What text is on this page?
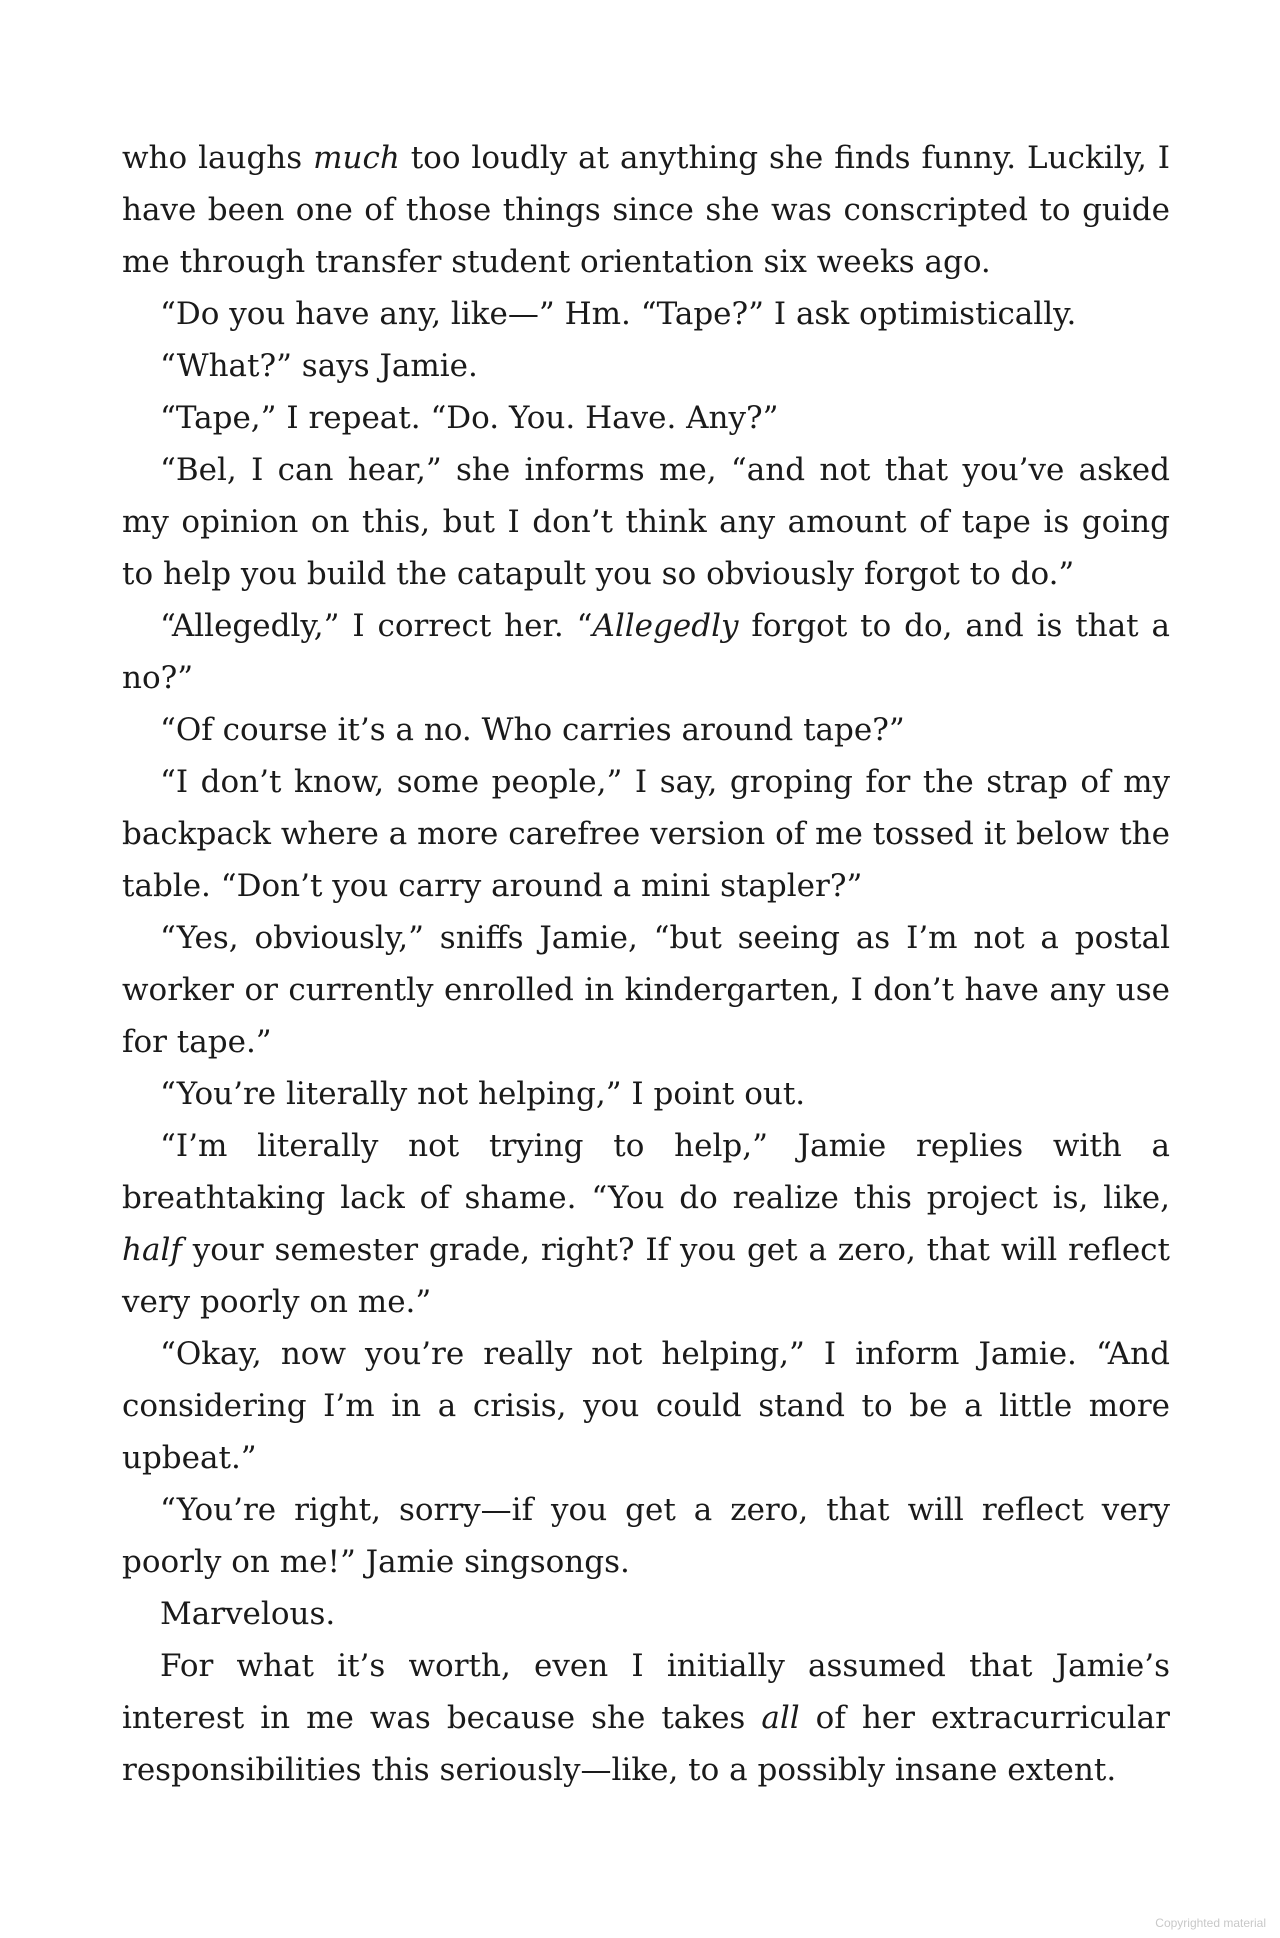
who laughs much too loudly at anything she finds funny. Luckily, I have been one of those things since she was conscripted to guide me through transfer student orientation six weeks ago.

“Do you have any, like—” Hm. “Tape?” I ask optimistically.

“What?” says Jamie.

“Tape,” I repeat. “Do. You. Have. Any?”

“Bel, I can hear,” she informs me, “and not that you’ve asked my opinion on this, but I don’t think any amount of tape is going to help you build the catapult you so obviously forgot to do.”

“Allegedly,” I correct her. “Allegedly forgot to do, and is that a no?”

“Of course it’s a no. Who carries around tape?”

“I don’t know, some people,” I say, groping for the strap of my backpack where a more carefree version of me tossed it below the table. “Don’t you carry around a mini stapler?”

“Yes, obviously,” sniffs Jamie, “but seeing as I’m not a postal worker or currently enrolled in kindergarten, I don’t have any use for tape.”

“You’re literally not helping,” I point out.

“I’m literally not trying to help,” Jamie replies with a breathtaking lack of shame. “You do realize this project is, like, half your semester grade, right? If you get a zero, that will reflect very poorly on me.”

“Okay, now you’re really not helping,” I inform Jamie. “And considering I’m in a crisis, you could stand to be a little more upbeat.”

“You’re right, sorry—if you get a zero, that will reflect very poorly on me!” Jamie singsongs.

Marvelous.

For what it’s worth, even I initially assumed that Jamie’s interest in me was because she takes all of her extracurricular responsibilities this seriously—like, to a possibly insane extent.

Copyrighted material
